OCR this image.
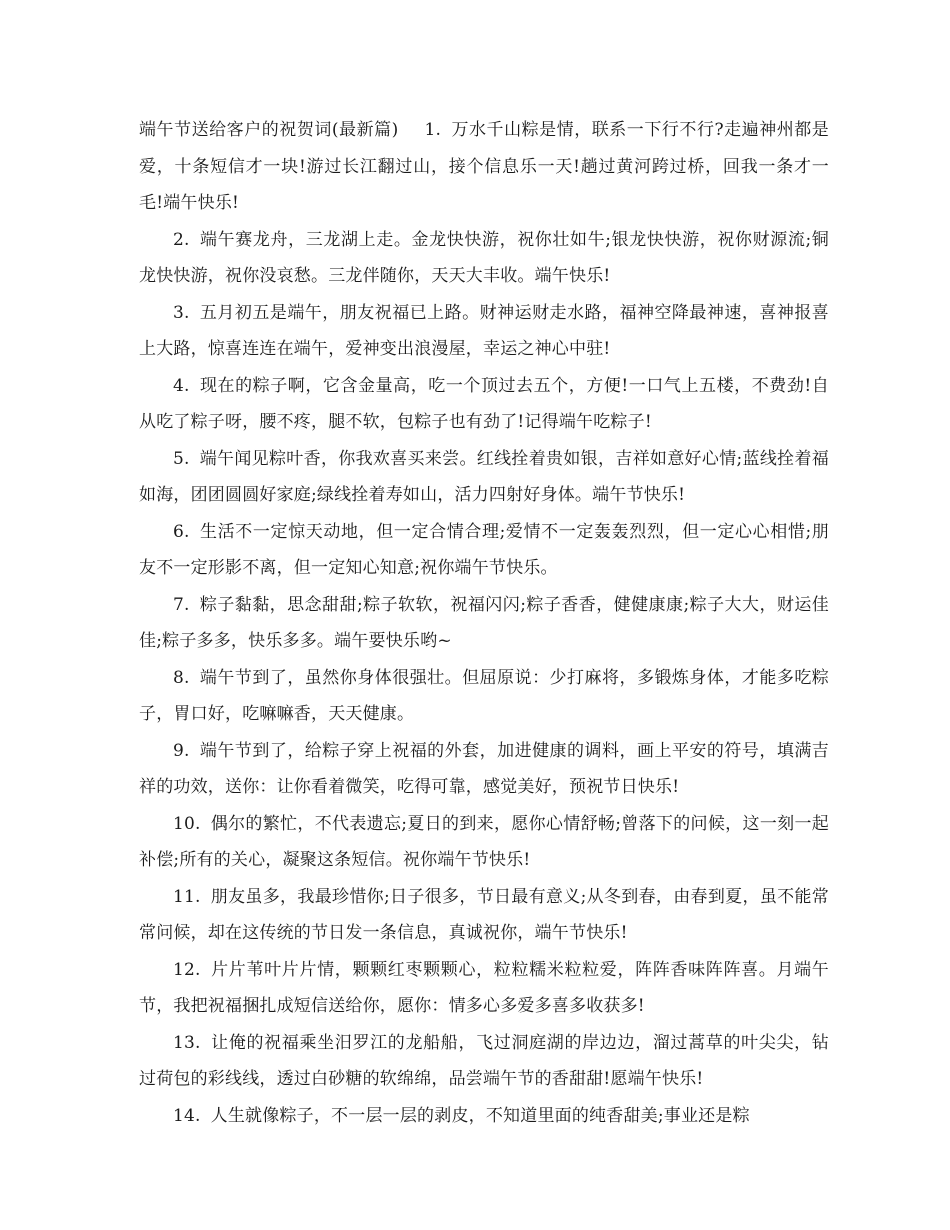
端午节送给客户的祝贺词(最新篇) 1. 万水千山粽是情，联系一下行不行?走遍神州都是爱，十条短信才一块!游过长江翻过山，接个信息乐一天!趟过黄河跨过桥，回我一条才一毛!端午快乐!

2. 端午赛龙舟，三龙湖上走。金龙快快游，祝你壮如牛;银龙快快游，祝你财源流;铜龙快快游，祝你没哀愁。三龙伴随你，天天大丰收。端午快乐!

3. 五月初五是端午，朋友祝福已上路。财神运财走水路，福神空降最神速，喜神报喜上大路，惊喜连连在端午，爱神变出浪漫屋，幸运之神心中驻!

4. 现在的粽子啊，它含金量高，吃一个顶过去五个，方便!一口气上五楼，不费劲!自从吃了粽子呀，腰不疼，腿不软，包粽子也有劲了!记得端午吃粽子!

5. 端午闻见粽叶香，你我欢喜买来尝。红线拴着贵如银，吉祥如意好心情;蓝线拴着福如海，团团圆圆好家庭;绿线拴着寿如山，活力四射好身体。端午节快乐!

6. 生活不一定惊天动地，但一定合情合理;爱情不一定轰轰烈烈，但一定心心相惜;朋友不一定形影不离，但一定知心知意;祝你端午节快乐。

7. 粽子黏黏，思念甜甜;粽子软软，祝福闪闪;粽子香香，健健康康;粽子大大，财运佳佳;粽子多多，快乐多多。端午要快乐哟~

8. 端午节到了，虽然你身体很强壮。但屈原说：少打麻将，多锻炼身体，才能多吃粽子，胃口好，吃嘛嘛香，天天健康。

9. 端午节到了，给粽子穿上祝福的外套，加进健康的调料，画上平安的符号，填满吉祥的功效，送你：让你看着微笑，吃得可靠，感觉美好，预祝节日快乐!

10. 偶尔的繁忙，不代表遗忘;夏日的到来，愿你心情舒畅;曾落下的问候，这一刻一起补偿;所有的关心，凝聚这条短信。祝你端午节快乐!

11. 朋友虽多，我最珍惜你;日子很多，节日最有意义;从冬到春，由春到夏，虽不能常常问候，却在这传统的节日发一条信息，真诚祝你，端午节快乐!

12. 片片苇叶片片情，颗颗红枣颗颗心，粒粒糯米粒粒爱，阵阵香味阵阵喜。月端午节，我把祝福捆扎成短信送给你，愿你：情多心多爱多喜多收获多!

13. 让俺的祝福乘坐汨罗江的龙船船，飞过洞庭湖的岸边边，溜过蒿草的叶尖尖，钻过荷包的彩线线，透过白砂糖的软绵绵，品尝端午节的香甜甜!愿端午快乐!

14. 人生就像粽子，不一层一层的剥皮，不知道里面的纯香甜美;事业还是粽
